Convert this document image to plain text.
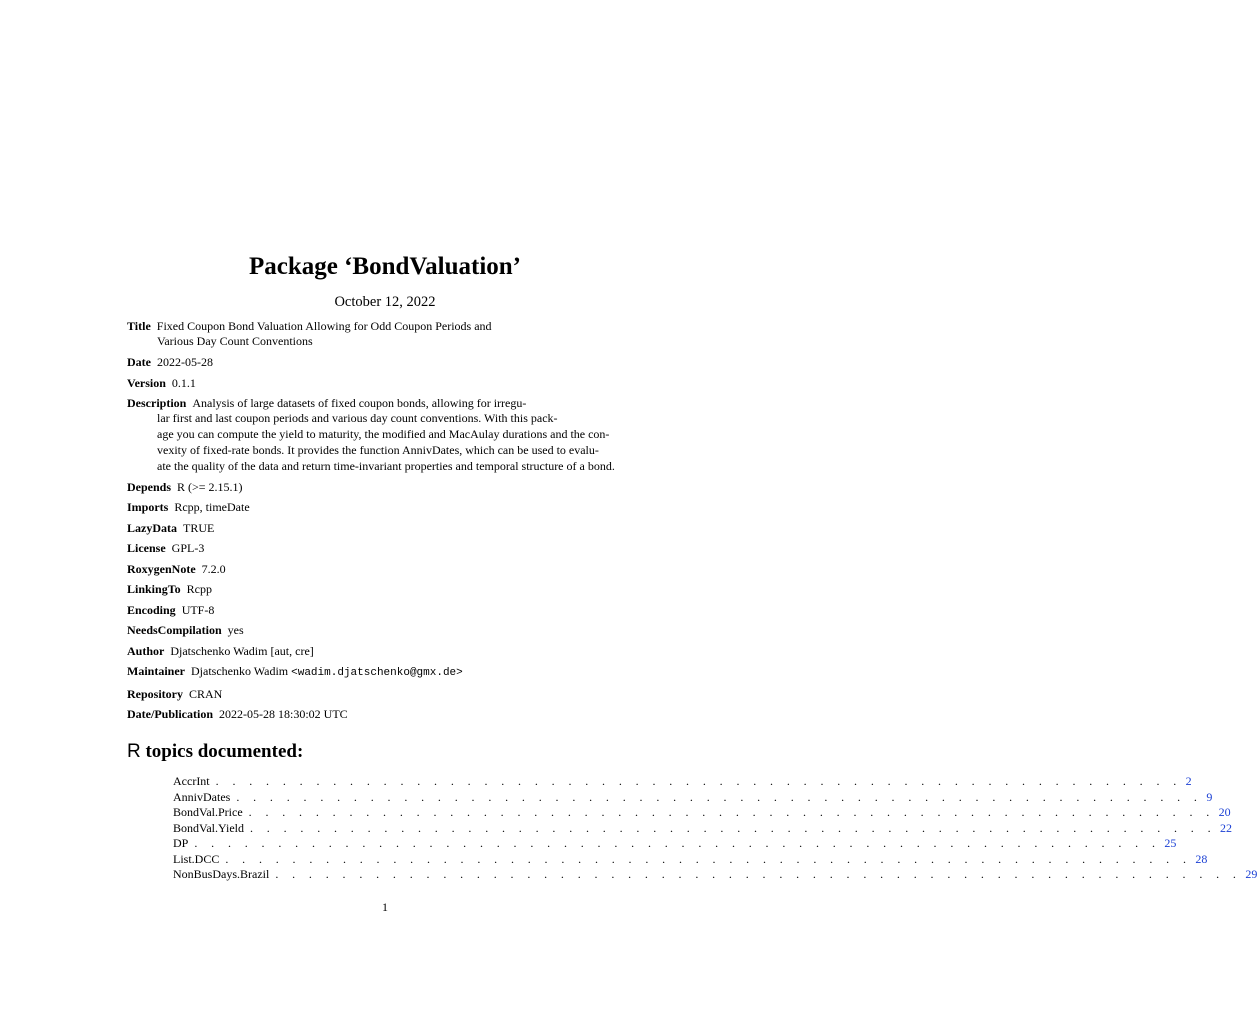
Package ‘BondValuation’
October 12, 2022
Title Fixed Coupon Bond Valuation Allowing for Odd Coupon Periods and
Various Day Count Conventions
Date 2022-05-28
Version 0.1.1
Description Analysis of large datasets of fixed coupon bonds, allowing for irregu-
lar first and last coupon periods and various day count conventions. With this pack-
age you can compute the yield to maturity, the modified and MacAulay durations and the con-
vexity of fixed-rate bonds. It provides the function AnnivDates, which can be used to evalu-
ate the quality of the data and return time-invariant properties and temporal structure of a bond.
Depends R (>= 2.15.1)
Imports Rcpp, timeDate
LazyData TRUE
License GPL-3
RoxygenNote 7.2.0
LinkingTo Rcpp
Encoding UTF-8
NeedsCompilation yes
Author Djatschenko Wadim [aut, cre]
Maintainer Djatschenko Wadim <wadim.djatschenko@gmx.de>
Repository CRAN
Date/Publication 2022-05-28 18:30:02 UTC
R topics documented:
AccrInt . . . . . . . . . . . . . . . . . . . . . . . . . . . . . . . . . . . . . . . . . . . . . . . . . . . . . . . . . . 2
AnnivDates . . . . . . . . . . . . . . . . . . . . . . . . . . . . . . . . . . . . . . . . . . . . . . . . . . . . . . . . . . 9
BondVal.Price . . . . . . . . . . . . . . . . . . . . . . . . . . . . . . . . . . . . . . . . . . . . . . . . . . . . . . . . . . 20
BondVal.Yield . . . . . . . . . . . . . . . . . . . . . . . . . . . . . . . . . . . . . . . . . . . . . . . . . . . . . . . . . . 22
DP . . . . . . . . . . . . . . . . . . . . . . . . . . . . . . . . . . . . . . . . . . . . . . . . . . . . . . . . . . 25
List.DCC . . . . . . . . . . . . . . . . . . . . . . . . . . . . . . . . . . . . . . . . . . . . . . . . . . . . . . . . . . 28
NonBusDays.Brazil . . . . . . . . . . . . . . . . . . . . . . . . . . . . . . . . . . . . . . . . . . . . . . . . . . . . . . . . . . 29
1
